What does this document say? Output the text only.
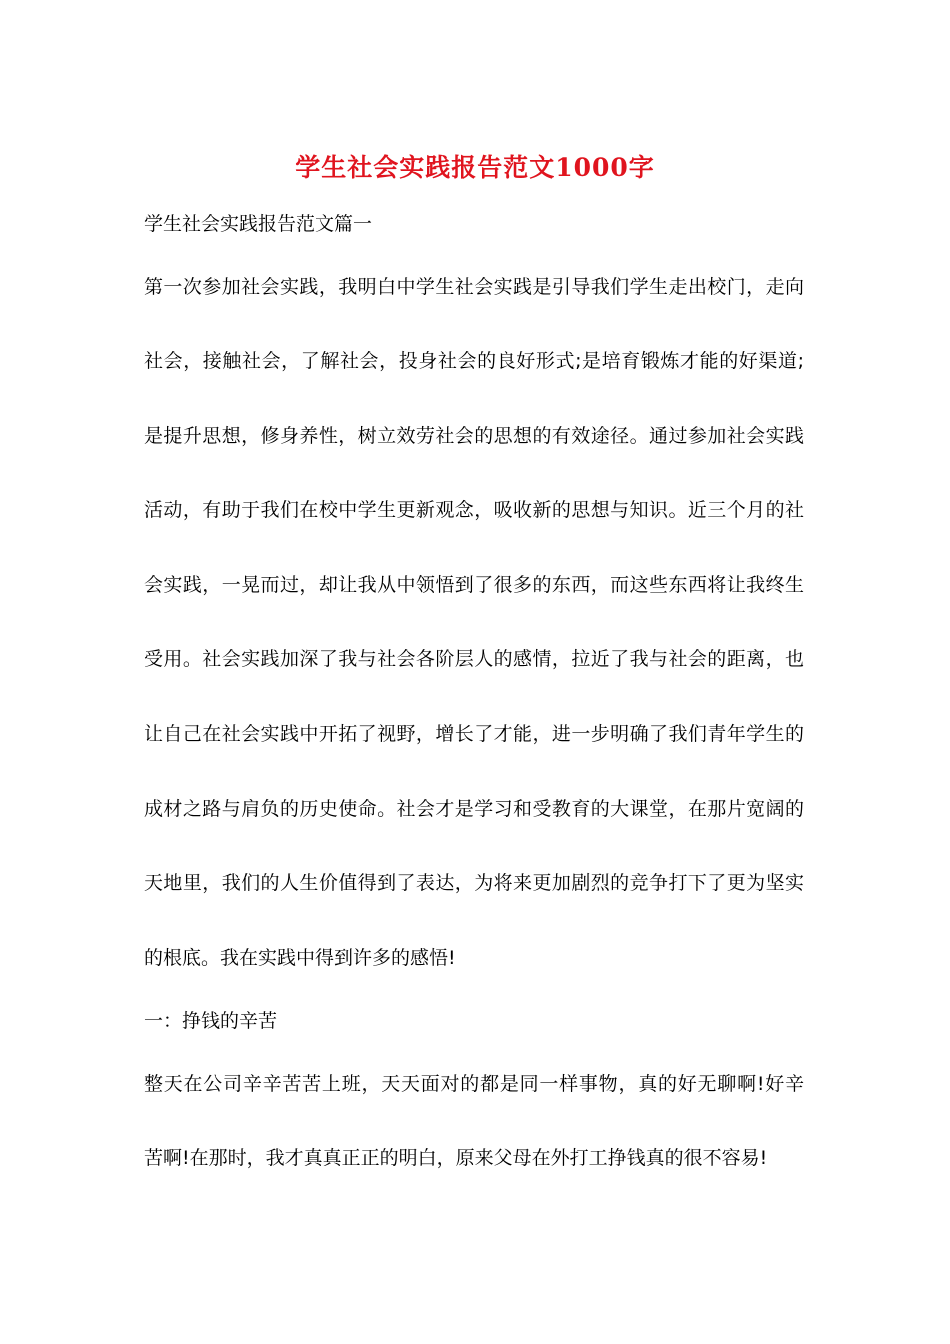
学生社会实践报告范文1000字
学生社会实践报告范文篇一
第一次参加社会实践，我明白中学生社会实践是引导我们学生走出校门，走向
社会，接触社会，了解社会，投身社会的良好形式;是培育锻炼才能的好渠道;
是提升思想，修身养性，树立效劳社会的思想的有效途径。通过参加社会实践
活动，有助于我们在校中学生更新观念，吸收新的思想与知识。近三个月的社
会实践，一晃而过，却让我从中领悟到了很多的东西，而这些东西将让我终生
受用。社会实践加深了我与社会各阶层人的感情，拉近了我与社会的距离，也
让自己在社会实践中开拓了视野，增长了才能，进一步明确了我们青年学生的
成材之路与肩负的历史使命。社会才是学习和受教育的大课堂，在那片宽阔的
天地里，我们的人生价值得到了表达，为将来更加剧烈的竞争打下了更为坚实
的根底。我在实践中得到许多的感悟!
一：挣钱的辛苦
整天在公司辛辛苦苦上班，天天面对的都是同一样事物，真的好无聊啊!好辛
苦啊!在那时，我才真真正正的明白，原来父母在外打工挣钱真的很不容易!
